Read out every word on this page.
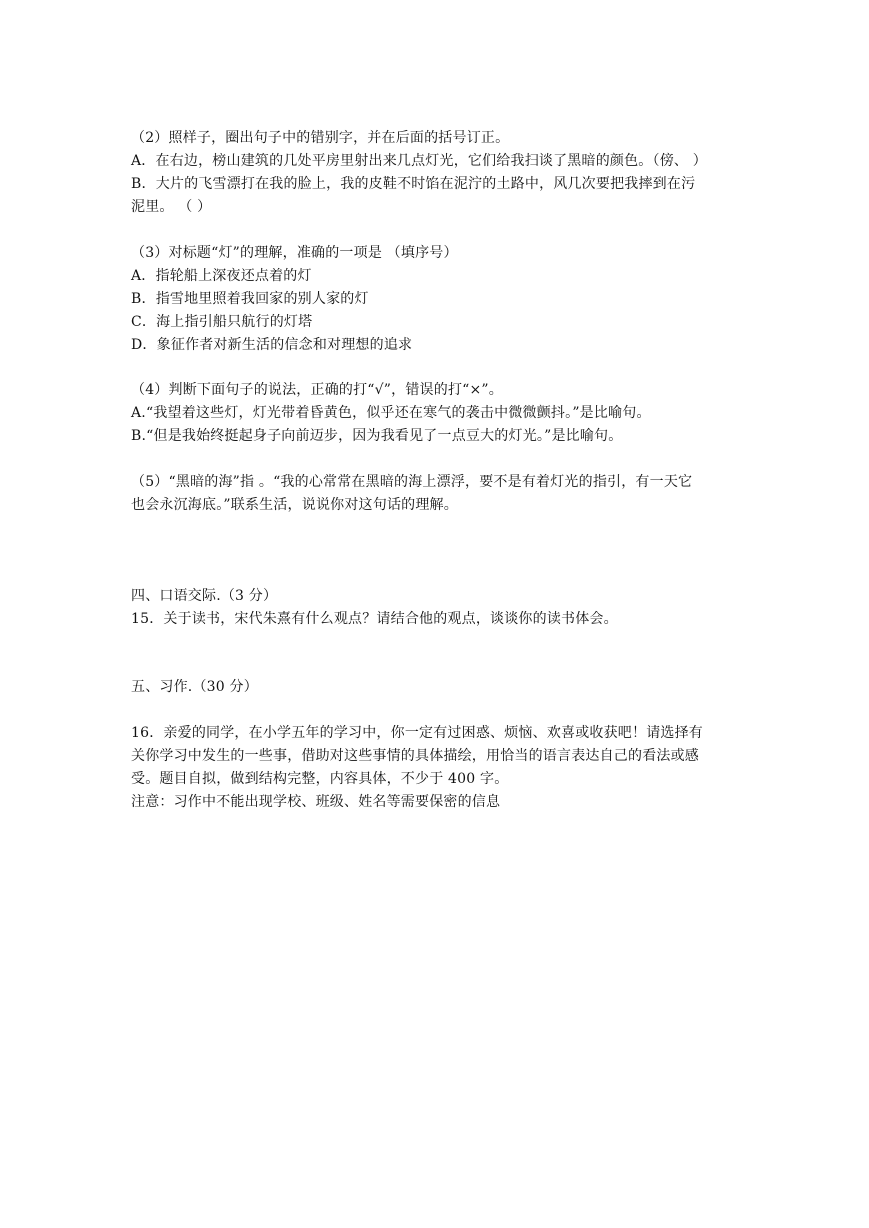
（2）照样子，圈出句子中的错别字，并在后面的括号订正。
A．在右边，榜山建筑的几处平房里射出来几点灯光，它们给我扫谈了黑暗的颜色。（傍、 ）
B．大片的飞雪漂打在我的脸上，我的皮鞋不时馅在泥泞的土路中，风几次要把我摔到在污
泥里。 （ ）
（3）对标题“灯”的理解，准确的一项是 （填序号）
A．指轮船上深夜还点着的灯
B．指雪地里照着我回家的别人家的灯
C．海上指引船只航行的灯塔
D．象征作者对新生活的信念和对理想的追求
（4）判断下面句子的说法，正确的打“√”，错误的打“×”。
A.“我望着这些灯，灯光带着昏黄色，似乎还在寒气的袭击中微微颤抖。”是比喻句。
B.“但是我始终挺起身子向前迈步，因为我看见了一点豆大的灯光。”是比喻句。
（5）“黑暗的海”指 。“我的心常常在黑暗的海上漂浮，要不是有着灯光的指引，有一天它
也会永沉海底。”联系生活，说说你对这句话的理解。
四、口语交际.（3 分）
15．关于读书，宋代朱熹有什么观点？请结合他的观点，谈谈你的读书体会。
五、习作.（30 分）
16．亲爱的同学，在小学五年的学习中，你一定有过困惑、烦恼、欢喜或收获吧！请选择有
关你学习中发生的一些事，借助对这些事情的具体描绘，用恰当的语言表达自己的看法或感
受。题目自拟，做到结构完整，内容具体，不少于 400 字。
注意：习作中不能出现学校、班级、姓名等需要保密的信息
